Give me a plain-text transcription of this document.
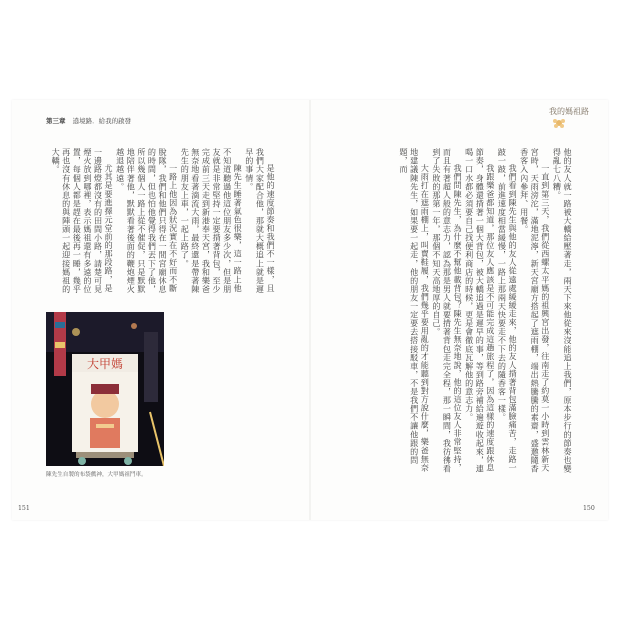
第三章 遶境路．給我的啟發

是他的速度節奏和我們不一樣，且我們大家配合他，那就大概追上就是遲早的事情。

陳先生睡著氣色很樂，這一路上他不知道聽過他這位朋友多少次，但是朋友就是非常堅持一定要揹著背包，至少完成前三天走到新港奉天宮，我和樂爸無奈地看著滴流大雨，最終還是帶著陳先生的朋友上車，一起上路了。

一路上他因為狀況實在不好而不斷脫隊，我們和他們只得在一間宮廟休息的時間，但也怕他覺得我們丟下了他，所以幾個人一路上從不催促，只是默默地陪伴著他，默默看著後面的鞭炮煙火越退越遠。

尤其是要進擇元堂前的那段路，是一邊路燈都沒有的田間小路，請楚可見煙火放到哪裡，表示媽祖還有多遠的位置，每個人都是趕在最後再一睡，幾乎再也沒有休息的與陣頭一起迎接媽祖的大轎。

大甲媽
陳先生自製的布袋戲神，大甲媽祖鬥車。
151
我的媽祖路

他的友人就一路被大轎給壓著走，兩天下來他從來沒能追上我們，原本步行的節奏也變得亂七八糟。

一直到第三天，我們從西螺太平媽的祖興宮出發，往南走了約莫一小時到雲林新天宮時，天雨滂沱，滿地泥濘，新天宮廟方搭起了遮雨棚，端出熱騰騰的素齋，盛邀隨香香客入內參拜、用餐。

我們看到陳先生與他的友人從遠處緩緩走來，他的友人揹著背包滿臉痛苦，走路一跛一跛，前進速度相當緩慢，一路上那兩天快要走不下去的隨香客一樣。

我跟樂爸都知道，那位友人應該是不可能完成這趟旅程了，因為這樣的速度跟休息節奏，身體還揹著一個大背包，被大轎追過是遲早的事，等到路旁補給遍遊收起來，連喝一口水都必須要自己找便利商店的時候，更是會徹底瓦解他的意志力。

我們問陳先生，為什麼不幫他載背包？陳先生無奈地說，他的這位友人非常堅持，而且有著超人般的意志力，認為那是男人就要揹著背包走完全程，那一瞬間，我彷彿看到了失敗的那第一年，那個不知天高地厚的自己。

大雨打在遮雨棚上，叫賣鞋履，我們幾乎要用亂的才能聽到對方說什麼，樂爸無奈地建議陳先生，如果要一起走，他的朋友一定要去搭接駁車，不是我們不讓他跟的問題，而

150
